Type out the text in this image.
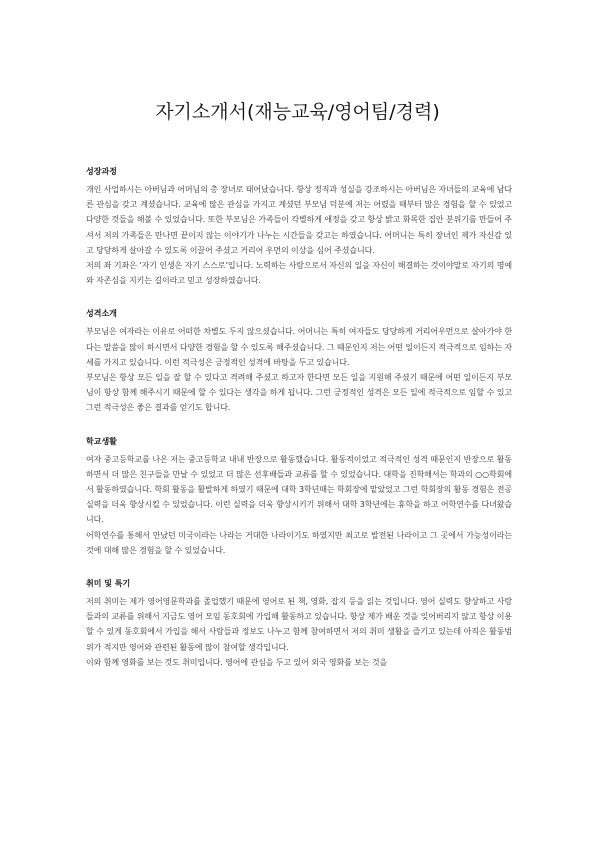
자기소개서(재능교육/영어팀/경력)

성장과정

개인 사업하시는 아버님과 어머님의 총 장녀로 태어났습니다. 항상 정직과 성실을 강조하시는 아버님은 자녀들의 교육에 남다른 관심을 갖고 계셨습니다. 교육에 많은 관심을 가지고 계셨던 부모님 덕분에 저는 어렸을 때부터 많은 경험을 할 수 있었고 다양한 것들을 해볼 수 있었습니다. 또한 부모님은 가족들이 각별하게 애정을 갖고 항상 밝고 화목한 집안 분위기를 만들어 주셔서 저의 가족들은 만나면 끝이지 않는 이야기가 나누는 시간들을 갖고는 하였습니다. 어머니는 특히 장녀인 제가 자신감 있고 당당하게 살아갈 수 있도록 이끌어 주셨고 거리어 우먼의 이상을 심어 주셨습니다.

저의 좌 기좌은 ‘자기 인생은 자기 스스로’입니다. 노력하는 사람으로서 자신의 일을 자신이 해결하는 것이야말로 자기의 명예와 자존심을 지키는 길이라고 믿고 성장하였습니다.

성격소개

부모님은 여자라는 이유로 어떠한 차별도 두지 않으셨습니다. 어머니는 특히 여자들도 당당하게 거리어우먼으로 살아가야 한다는 말씀을 많이 하시면서 다양한 경험을 할 수 있도록 해주셨습니다. 그 때문인지 저는 어떤 일이든지 적극적으로 임하는 자세를 가지고 있습니다. 이런 적극성은 긍정적인 성격에 바탕을 두고 있습니다.

부모님은 항상 모든 일을 잘 할 수 있다고 격려해 주셨고 하고자 한다면 모든 일을 지원해 주셨기 때문에 어떤 일이든지 부모님이 항상 함께 해주시기 때문에 할 수 있다는 생각을 하게 됩니다. 그런 긍정적인 성격은 모든 일에 적극적으로 임할 수 있고 그런 적극성은 좋은 결과를 얻기도 합니다.

학교생활

여자 중고등학교를 나온 저는 중고등학교 내내 반장으로 활동했습니다. 활동적이었고 적극적인 성격 때문인지 반장으로 활동하면서 더 많은 친구들을 만날 수 있었고 더 많은 선후배들과 교류를 할 수 있었습니다. 대학을 진학해서는 학과의 ○○학회에서 활동하였습니다. 학회 활동을 활발하게 하였기 때문에 대학 3학년때는 학회장에 맡았었고 그런 학회장의 활동 경험은 전공 실력을 더욱 향상시킬 수 있었습니다. 이런 실력을 더욱 향상시키기 위해서 대학 3학년에는 휴학을 하고 어학연수를 다녀왔습니다.

어학연수를 통해서 만났던 미국이라는 나라는 거대한 나라이기도 하였지만 최고로 발전된 나라이고 그 곳에서 가능성이라는 것에 대해 많은 경험을 할 수 있었습니다.

취미 및 특기

저의 취미는 제가 영어영문학과를 졸업했기 때문에 영어로 된 책, 영화, 잡지 등을 읽는 것입니다. 영어 실력도 향상하고 사람들과의 교류를 위해서 지금도 영어 모임 동호회에 가입해 활동하고 있습니다. 항상 제가 배운 것을 잊어버리지 않고 항상 이용할 수 있게 동호회에서 가입을 해서 사람들과 정보도 나누고 함께 참여하면서 저의 취미 생활을 즐기고 있는데 아직은 활동범위가 적지만 영어와 관련된 활동에 많이 참여할 생각입니다.

이와 함께 영화를 보는 것도 취미입니다. 영어에 관심을 두고 있어 외국 영화를 보는 것을
